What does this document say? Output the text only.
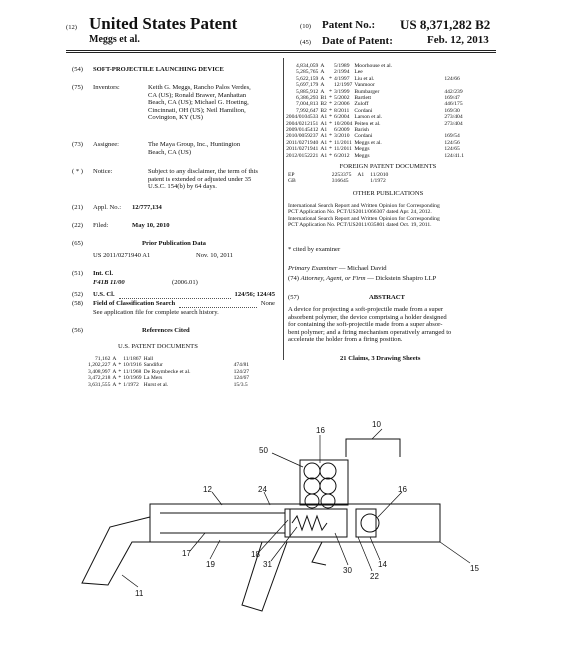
(12) United States Patent
Meggs et al.
(10) Patent No.: US 8,371,282 B2
(45) Date of Patent:	Feb. 12, 2013
(54) SOFT-PROJECTILE LAUNCHING DEVICE
(75) Inventors:	Keith G. Meggs, Rancho Palos Verdes,
CA (US); Ronald Brawer, Manhattan
Beach, CA (US); Michael G. Hoeting,
Cincinnati, OH (US); Neil Hamilton,
Covington, KY (US)
(73) Assignee:	The Maya Group, Inc., Huntington
Beach, CA (US)
( * ) Notice:	Subject to any disclaimer, the term of this
patent is extended or adjusted under 35
U.S.C. 154(b) by 64 days.
(21) Appl. No.: 12/777,134
(22) Filed:	May 10, 2010
(65)	Prior Publication Data
US 2011/0271940 A1	Nov. 10, 2011
(51) Int. Cl.
F41B 11/00	(2006.01)
(52) U.S. Cl.	124/56; 124/45
(58) Field of Classification Search	None
See application file for complete search history.
(56)	References Cited
U.S. PATENT DOCUMENTS
71,162	A		11/1867	Hall	
1,202,227	A	*	10/1916	Sandifur	474/81
3,408,997	A	*	11/1968	De Ruymbecke et al.	124/27
3,472,218	A	*	10/1969	La Mers	124/67
3,631,555	A	*	1/1972	Hurst et al.	15/3.5
4,834,059	A		5/1989	Moorhouse et al.	
5,285,765	A		2/1994	Lee	
5,622,159	A	*	4/1997	Liu et al.	124/66
5,697,179	A		12/1997	Vanmoor	
5,885,912	A	*	3/1999	Bumbarger	442/239
6,386,293	B1	*	5/2002	Bartlett	169/47
7,004,813	B2	*	2/2006	Zuloff	446/175
7,992,647	B2	*	8/2011	Cordani	169/30
2004/0104533	A1	*	6/2004	Larson et al.	273/404
2004/0212151	A1	*	10/2004	Peiten et al.	273/404
2009/0145412	A1		6/2009	Barish	
2010/0059237	A1	*	3/2010	Cordani	169/54
2011/0271940	A1	*	11/2011	Meggs et al.	124/56
2011/0271941	A1	*	11/2011	Meggs	124/65
2012/0152221	A1	*	6/2012	Meggs	124/41.1
FOREIGN PATENT DOCUMENTS
EP	2253375	A1	11/2010
GB	316645		1/1972
OTHER PUBLICATIONS
International Search Report and Written Opinion for Corresponding
PCT Application No. PCT/US2011/066307 dated Apr. 24, 2012.
International Search Report and Written Opinion for Corresponding
PCT Application No. PCT/US2011/035801 dated Oct. 19, 2011.
* cited by examiner
Primary Examiner — Michael David
(74) Attorney, Agent, or Firm — Dickstein Shapiro LLP
(57)	ABSTRACT
A device for projecting a soft-projectile made from a super
absorbent polymer, the device comprising a holder designed
for containing the soft-projectile made from a super absor-
bent polymer; and a firing mechanism operatively arranged to
accelerate the holder from a firing position.
21 Claims, 3 Drawing Sheets
10
16
50
12	24	16
17
19
18
31
30
14
22
15
11
